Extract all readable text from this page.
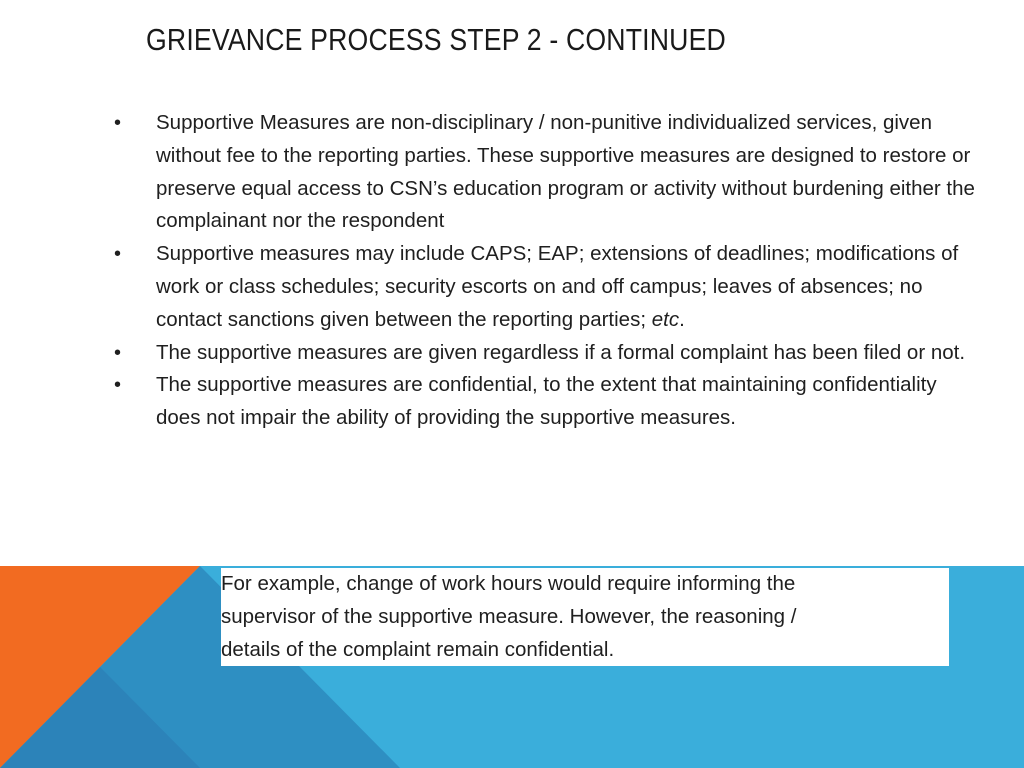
GRIEVANCE PROCESS STEP 2 - CONTINUED
•	Supportive Measures are non-disciplinary / non-punitive individualized services, given without fee to the reporting parties. These supportive measures are designed to restore or preserve equal access to CSN’s education program or activity without burdening either the complainant nor the respondent
•	Supportive measures may include CAPS; EAP; extensions of deadlines; modifications of work or class schedules; security escorts on and off campus; leaves of absences; no contact sanctions given between the reporting parties; etc.
•	The supportive measures are given regardless if a formal complaint has been filed or not.
•	The supportive measures are confidential, to the extent that maintaining confidentiality does not impair the ability of providing the supportive measures.
For example, change of work hours would require informing the
supervisor of the supportive measure. However, the reasoning /
details of the complaint remain confidential.
